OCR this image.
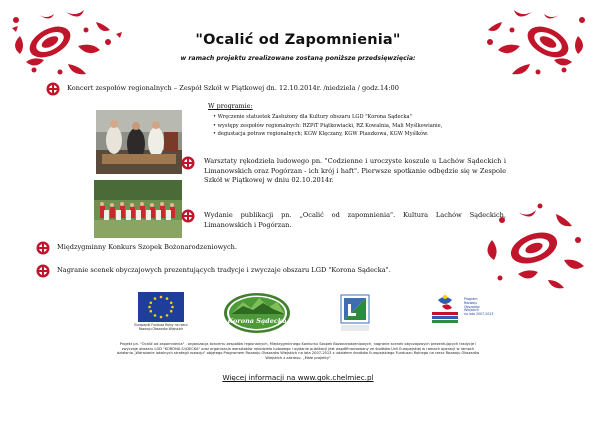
"Ocalić od Zapomnienia"
w ramach projektu zrealizowane zostaną poniższe przedsięwzięcia:
Koncert zespołów regionalnych – Zespół Szkół w Piątkowej dn. 12.10.2014r. /niedziela / godz.14:00
W programie:
• Wręczenie statuetek Zasłużony dla Kultury obszaru LGD "Korona Sądecka"
• występy zespołów regionalnych: RZPiT Piątkowiacki, RZ Kowalnia, Mali Myślkowianie,
• degustacja potraw regionalnych; KGW Klęczany, KGW Ptaszkowa, KGW Myślków.
Warsztaty rękodzieła ludowego pn. "Codzienne i uroczyste koszule u Lachów Sądeckich i Limanowskich oraz Pogórzan - ich krój i haft". Pierwsze spotkanie odbędzie się w Zespole Szkół w Piątkowej w dniu 02.10.2014r.
Wydanie publikacji pn. „Ocalić od zapomnienia". Kultura Lachów Sądeckich, Limanowskich i Pogórzan.
Międzygminny Konkurs Szopek Bożonarodzeniowych.
Nagranie scenek obyczajowych prezentujących tradycje i zwyczaje obszaru LGD "Korona Sądecka".
Europejski Fundusz Rolny na rzecz
Rozwoju Obszarów Wiejskich
Korona Sądecka
Program
Rozwoju
Obszarów
Wiejskich
na lata 2007-2013
Projekt pn. "Ocalić od zapomnienia" - organizacja koncertu zespołów regionalnych, Międzygminnego Konkursu Szopek Bożonarodzeniowych, nagranie scenek obyczajowych prezentujących tradycje i
zwyczaje obszaru LGD "KORONA SĄDECKA" oraz organizacja warsztatów rękodzieła ludowego i wydanie publikacji jest współfinansowany ze środków Unii Europejskiej w ramach operacji w ramach
działania „Wdrażanie lokalnych strategii rozwoju" objętego Programem Rozwoju Obszarów Wiejskich na lata 2007-2013 z udziałem środków Europejskiego Funduszu Rolnego na rzecz Rozwoju Obszarów
Wiejskich z zakresu: „Małe projekty"
Więcej informacji na www.gok.chelmiec.pl
